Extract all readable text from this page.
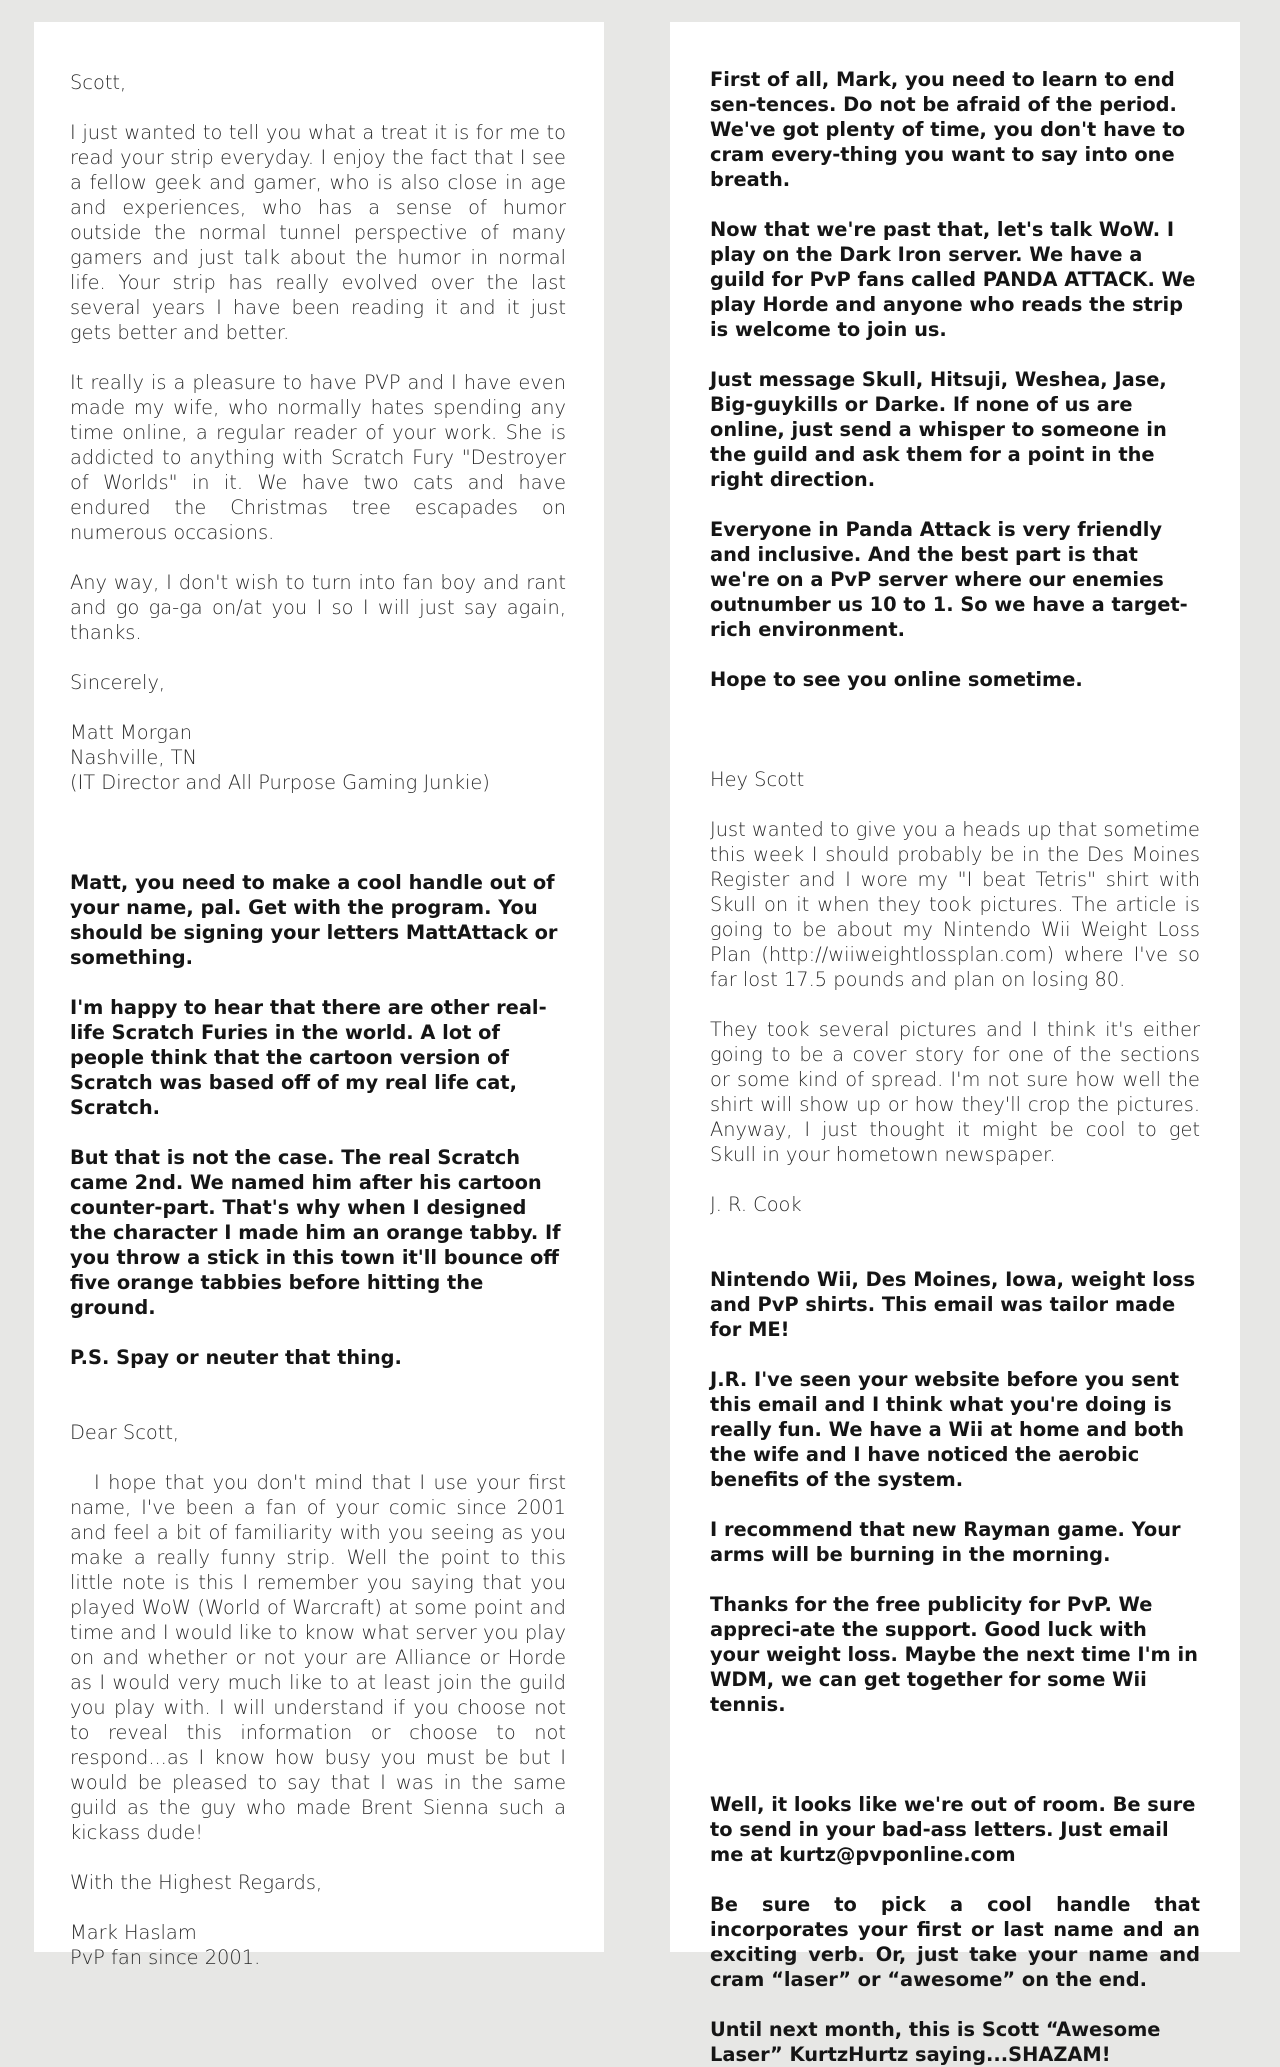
Scott,

I just wanted to tell you what a treat it is for me to read your strip everyday. I enjoy the fact that I see a fellow geek and gamer, who is also close in age and experiences, who has a sense of humor outside the normal tunnel perspective of many gamers and just talk about the humor in normal life. Your strip has really evolved over the last several years I have been reading it and it just gets better and better.

It really is a pleasure to have PVP and I have even made my wife, who normally hates spending any time online, a regular reader of your work. She is addicted to anything with Scratch Fury "Destroyer of Worlds" in it. We have two cats and have endured the Christmas tree escapades on numerous occasions.

Any way, I don't wish to turn into fan boy and rant and go ga-ga on/at you I so I will just say again, thanks.

Sincerely,

Matt Morgan

Nashville, TN

(IT Director and All Purpose Gaming Junkie)

Matt, you need to make a cool handle out of your name, pal. Get with the program. You should be signing your letters MattAttack or something.

I'm happy to hear that there are other real-life Scratch Furies in the world. A lot of people think that the cartoon version of Scratch was based off of my real life cat, Scratch.

But that is not the case. The real Scratch came 2nd. We named him after his cartoon counter-part. That's why when I designed the character I made him an orange tabby. If you throw a stick in this town it'll bounce off five orange tabbies before hitting the ground.

P.S. Spay or neuter that thing.

Dear Scott,

I hope that you don't mind that I use your first name, I've been a fan of your comic since 2001 and feel a bit of familiarity with you seeing as you make a really funny strip. Well the point to this little note is this I remember you saying that you played WoW (World of Warcraft) at some point and time and I would like to know what server you play on and whether or not your are Alliance or Horde as I would very much like to at least join the guild you play with. I will understand if you choose not to reveal this information or choose to not respond...as I know how busy you must be but I would be pleased to say that I was in the same guild as the guy who made Brent Sienna such a kickass dude!

With the Highest Regards,

Mark Haslam

PvP fan since 2001.

First of all, Mark, you need to learn to end sen-tences. Do not be afraid of the period. We've got plenty of time, you don't have to cram every-thing you want to say into one breath.

Now that we're past that, let's talk WoW. I play on the Dark Iron server. We have a guild for PvP fans called PANDA ATTACK. We play Horde and anyone who reads the strip is welcome to join us.

Just message Skull, Hitsuji, Weshea, Jase, Big-guykills or Darke. If none of us are online, just send a whisper to someone in the guild and ask them for a point in the right direction.

Everyone in Panda Attack is very friendly and inclusive. And the best part is that we're on a PvP server where our enemies outnumber us 10 to 1. So we have a target-rich environment.

Hope to see you online sometime.

Hey Scott

Just wanted to give you a heads up that sometime this week I should probably be in the Des Moines Register and I wore my "I beat Tetris" shirt with Skull on it when they took pictures. The article is going to be about my Nintendo Wii Weight Loss Plan (http://wiiweightlossplan.com) where I've so far lost 17.5 pounds and plan on losing 80.

They took several pictures and I think it's either going to be a cover story for one of the sections or some kind of spread. I'm not sure how well the shirt will show up or how they'll crop the pictures. Anyway, I just thought it might be cool to get Skull in your hometown newspaper.

J. R. Cook

Nintendo Wii, Des Moines, Iowa, weight loss and PvP shirts. This email was tailor made for ME!

J.R. I've seen your website before you sent this email and I think what you're doing is really fun. We have a Wii at home and both the wife and I have noticed the aerobic benefits of the system.

I recommend that new Rayman game. Your arms will be burning in the morning.

Thanks for the free publicity for PvP. We appreci-ate the support. Good luck with your weight loss. Maybe the next time I'm in WDM, we can get together for some Wii tennis.

Well, it looks like we're out of room. Be sure to send in your bad-ass letters. Just email me at kurtz@pvponline.com

Be sure to pick a cool handle that incorporates your first or last name and an exciting verb. Or, just take your name and cram “laser” or “awesome” on the end.

Until next month, this is Scott “Awesome Laser” KurtzHurtz saying...SHAZAM!
